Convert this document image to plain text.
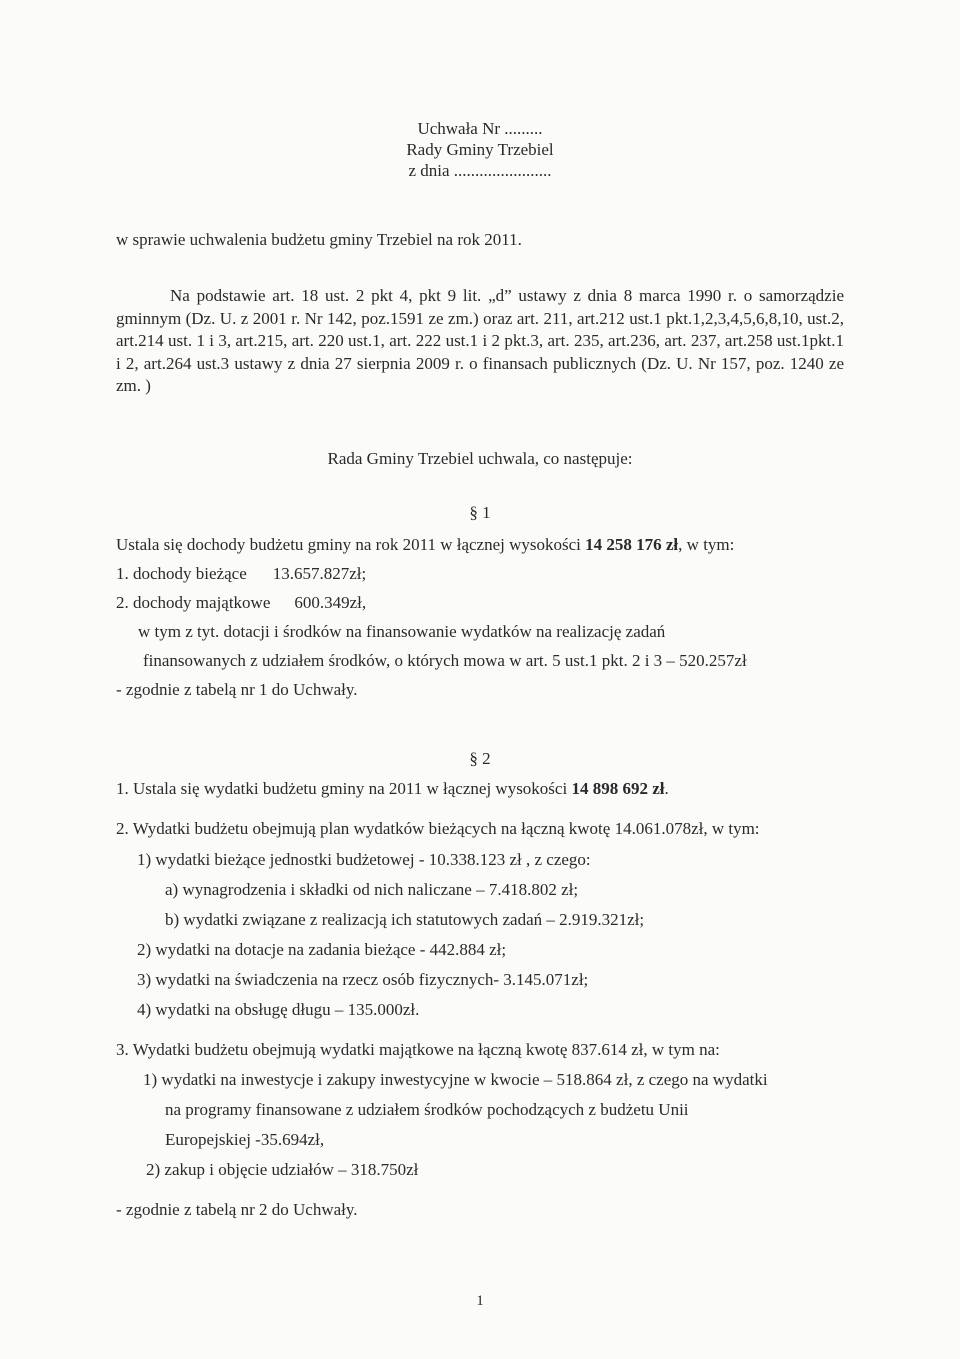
Uchwała Nr .........
Rady Gminy Trzebiel
z dnia .......................
w sprawie uchwalenia budżetu gminy Trzebiel na rok 2011.
Na podstawie art. 18 ust. 2 pkt 4, pkt 9 lit. „d” ustawy z dnia 8 marca 1990 r. o samorządzie gminnym (Dz. U. z 2001 r. Nr 142, poz.1591 ze zm.) oraz art. 211, art.212 ust.1 pkt.1,2,3,4,5,6,8,10, ust.2, art.214 ust. 1 i 3, art.215, art. 220 ust.1, art. 222 ust.1 i 2 pkt.3, art. 235, art.236, art. 237, art.258 ust.1pkt.1 i 2, art.264 ust.3 ustawy z dnia 27 sierpnia 2009 r. o finansach publicznych (Dz. U. Nr 157, poz. 1240 ze zm. )
Rada Gminy Trzebiel uchwala, co następuje:
§ 1
Ustala się dochody budżetu gminy na rok 2011 w łącznej wysokości 14 258 176 zł, w tym:
1. dochody bieżące 13.657.827zł;
2. dochody majątkowe 600.349zł,
w tym z tyt. dotacji i środków na finansowanie wydatków na realizację zadań
finansowanych z udziałem środków, o których mowa w art. 5 ust.1 pkt. 2 i 3 – 520.257zł
- zgodnie z tabelą nr 1 do Uchwały.
§ 2
1. Ustala się wydatki budżetu gminy na 2011 w łącznej wysokości 14 898 692 zł.
2. Wydatki budżetu obejmują plan wydatków bieżących na łączną kwotę 14.061.078zł, w tym:
1) wydatki bieżące jednostki budżetowej - 10.338.123 zł , z czego:
a) wynagrodzenia i składki od nich naliczane – 7.418.802 zł;
b) wydatki związane z realizacją ich statutowych zadań – 2.919.321zł;
2) wydatki na dotacje na zadania bieżące - 442.884 zł;
3) wydatki na świadczenia na rzecz osób fizycznych- 3.145.071zł;
4) wydatki na obsługę długu – 135.000zł.
3. Wydatki budżetu obejmują wydatki majątkowe na łączną kwotę 837.614 zł, w tym na:
1) wydatki na inwestycje i zakupy inwestycyjne w kwocie – 518.864 zł, z czego na wydatki
na programy finansowane z udziałem środków pochodzących z budżetu Unii
Europejskiej -35.694zł,
2) zakup i objęcie udziałów – 318.750zł
- zgodnie z tabelą nr 2 do Uchwały.
1
